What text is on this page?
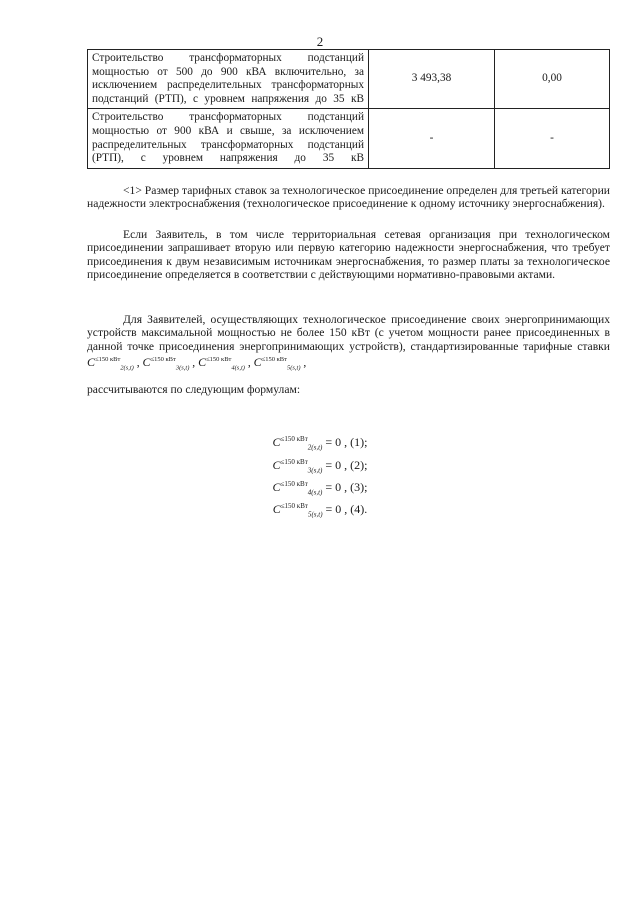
2
Строительство трансформаторных подстанций мощностью от 500 до 900 кВА включительно, за исключением распределительных трансформаторных подстанций (РТП), с уровнем напряжения до 35 кВ	3 493,38	0,00
Строительство трансформаторных подстанций мощностью от 900 кВА и свыше, за исключением распределительных трансформаторных подстанций (РТП), с уровнем напряжения до 35 кВ	-	-
<1> Размер тарифных ставок за технологическое присоединение определен для третьей категории надежности электроснабжения (технологическое присоединение к одному источнику энергоснабжения).
Если Заявитель, в том числе территориальная сетевая организация при технологическом присоединении запрашивает вторую или первую категорию надежности энергоснабжения, что требует присоединения к двум независимым источникам энергоснабжения, то размер платы за технологическое присоединение определяется в соответствии с действующими нормативно-правовыми актами.
Для Заявителей, осуществляющих технологическое присоединение своих энергопринимающих устройств максимальной мощностью не более 150 кВт (с учетом мощности ранее присоединенных в данной точке присоединения энергопринимающих устройств), стандартизированные тарифные ставки $C^{\le 150 кВт}_{2(s,t)}$ , $C^{\le 150 кВт}_{3(s,t)}$ , $C^{\le 150 кВт}_{4(s,t)}$ , $C^{\le 150 кВт}_{5(s,t)}$ ,
рассчитываются по следующим формулам:
$C^{\le 150 кВт}_{2(s,t)} = 0$ , (1);
$C^{\le 150 кВт}_{3(s,t)} = 0$ , (2);
$C^{\le 150 кВт}_{4(s,t)} = 0$ , (3);
$C^{\le 150 кВт}_{5(s,t)} = 0$ , (4).
